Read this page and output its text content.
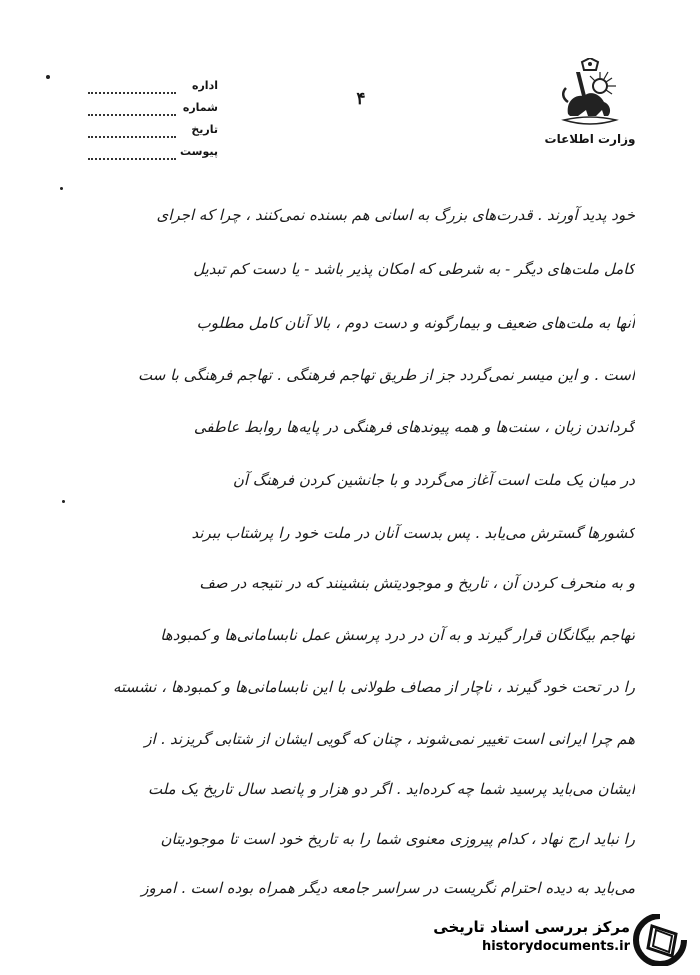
اداره
شماره
تاریخ
پیوست
۴
وزارت اطلاعات
خود پدید آورند . قدرت‌های بزرگ به اسانی هم بسنده نمی‌کنند ، چرا که اجرای
کامل ملت‌های دیگر - به شرطی که امکان پذیر باشد - یا دست کم تبدیل
آنها به ملت‌های ضعیف و بیمارگونه و دست دوم ، بالا آنان کامل مطلوب
است . و این میسر نمی‌گردد جز از طریق تهاجم فرهنگی . تهاجم فرهنگی با ست
گرداندن زبان ، سنت‌ها و همه پیوندهای فرهنگی در پایه‌ها روابط عاطفی
در میان یک ملت است آغاز می‌گردد و با جانشین کردن فرهنگ آن
کشورها گسترش می‌یابد . پس بدست آنان در ملت خود را پرشتاب ببرند
و به منحرف کردن آن ، تاریخ و موجودیتش بنشینند که در نتیجه در صف
تهاجم بیگانگان قرار گیرند و به آن در درد پرسش عمل نابسامانی‌ها و کمبودها
را در تحت خود گیرند ، ناچار از مصاف طولانی با این نابسامانی‌ها و کمبودها ، نشسته
هم چرا ایرانی است تغییر نمی‌شوند ، چنان که گویی ایشان از شتابی گریزند . از
ایشان می‌باید پرسید شما چه کرده‌اید . اگر دو هزار و پانصد سال تاریخ یک ملت
را نباید ارج نهاد ، کدام پیروزی معنوی شما را به تاریخ خود است تا موجودیتان
می‌باید به دیده احترام نگریست در سراسر جامعه دیگر همراه بوده است . امروز
مرکز بررسی اسناد تاریخی
historydocuments.ir
